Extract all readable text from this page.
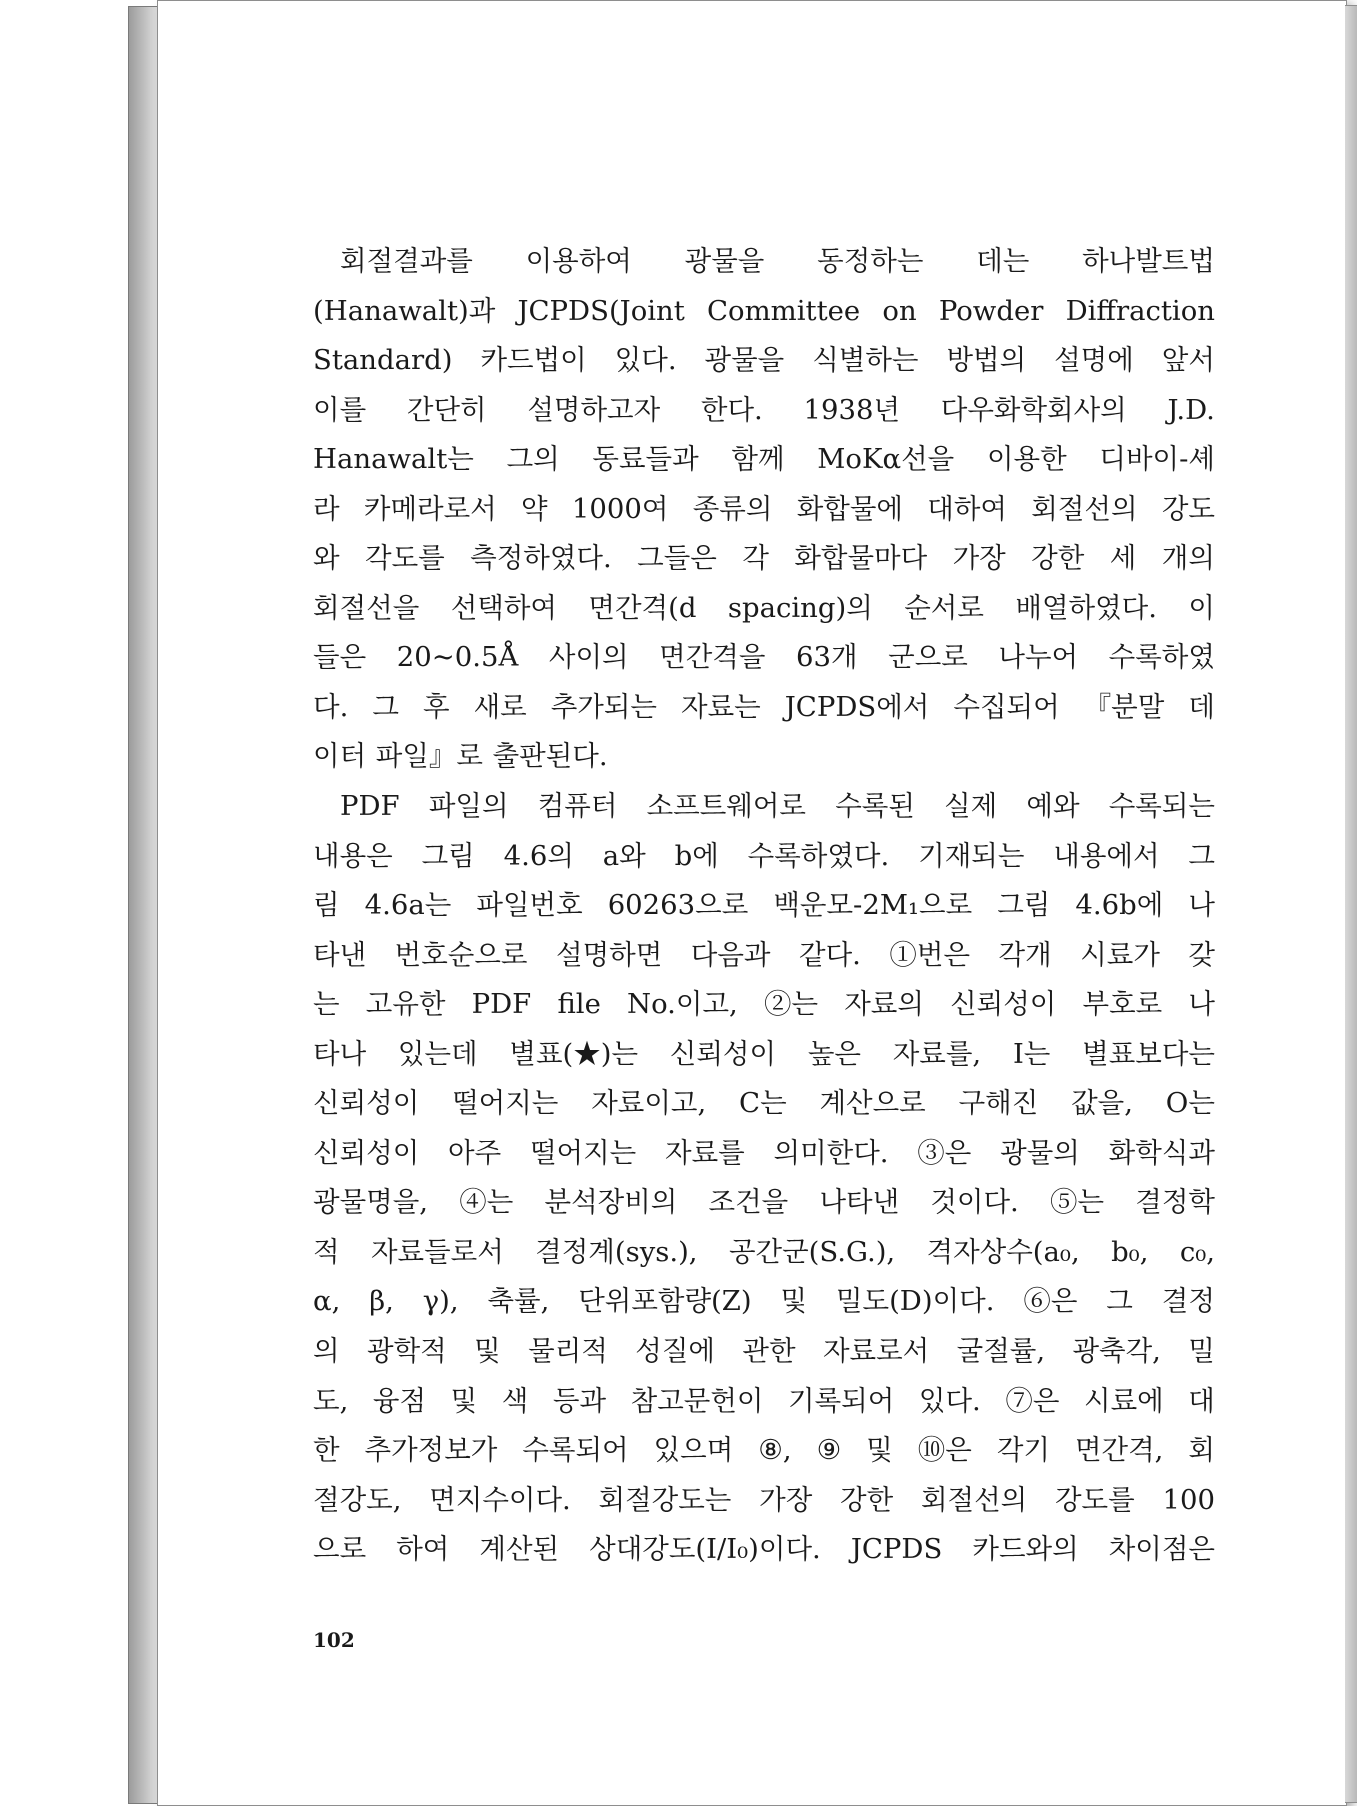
회절결과를 이용하여 광물을 동정하는 데는 하나발트법
(Hanawalt)과 JCPDS(Joint Committee on Powder Diffraction
Standard) 카드법이 있다. 광물을 식별하는 방법의 설명에 앞서
이를 간단히 설명하고자 한다. 1938년 다우화학회사의 J.D.
Hanawalt는 그의 동료들과 함께 MoKα선을 이용한 디바이-셰
라 카메라로서 약 1000여 종류의 화합물에 대하여 회절선의 강도
와 각도를 측정하였다. 그들은 각 화합물마다 가장 강한 세 개의
회절선을 선택하여 면간격(d spacing)의 순서로 배열하였다. 이
들은 20∼0.5Å 사이의 면간격을 63개 군으로 나누어 수록하였
다. 그 후 새로 추가되는 자료는 JCPDS에서 수집되어 『분말 데
이터 파일』로 출판된다.
PDF 파일의 컴퓨터 소프트웨어로 수록된 실제 예와 수록되는
내용은 그림 4.6의 a와 b에 수록하였다. 기재되는 내용에서 그
림 4.6a는 파일번호 60263으로 백운모-2M₁으로 그림 4.6b에 나
타낸 번호순으로 설명하면 다음과 같다. ①번은 각개 시료가 갖
는 고유한 PDF file No.이고, ②는 자료의 신뢰성이 부호로 나
타나 있는데 별표(★)는 신뢰성이 높은 자료를, I는 별표보다는
신뢰성이 떨어지는 자료이고, C는 계산으로 구해진 값을, O는
신뢰성이 아주 떨어지는 자료를 의미한다. ③은 광물의 화학식과
광물명을, ④는 분석장비의 조건을 나타낸 것이다. ⑤는 결정학
적 자료들로서 결정계(sys.), 공간군(S.G.), 격자상수(a₀, b₀, c₀,
α, β, γ), 축률, 단위포함량(Z) 및 밀도(D)이다. ⑥은 그 결정
의 광학적 및 물리적 성질에 관한 자료로서 굴절률, 광축각, 밀
도, 융점 및 색 등과 참고문헌이 기록되어 있다. ⑦은 시료에 대
한 추가정보가 수록되어 있으며 ⑧, ⑨ 및 ⑩은 각기 면간격, 회
절강도, 면지수이다. 회절강도는 가장 강한 회절선의 강도를 100
으로 하여 계산된 상대강도(I/I₀)이다. JCPDS 카드와의 차이점은
102
